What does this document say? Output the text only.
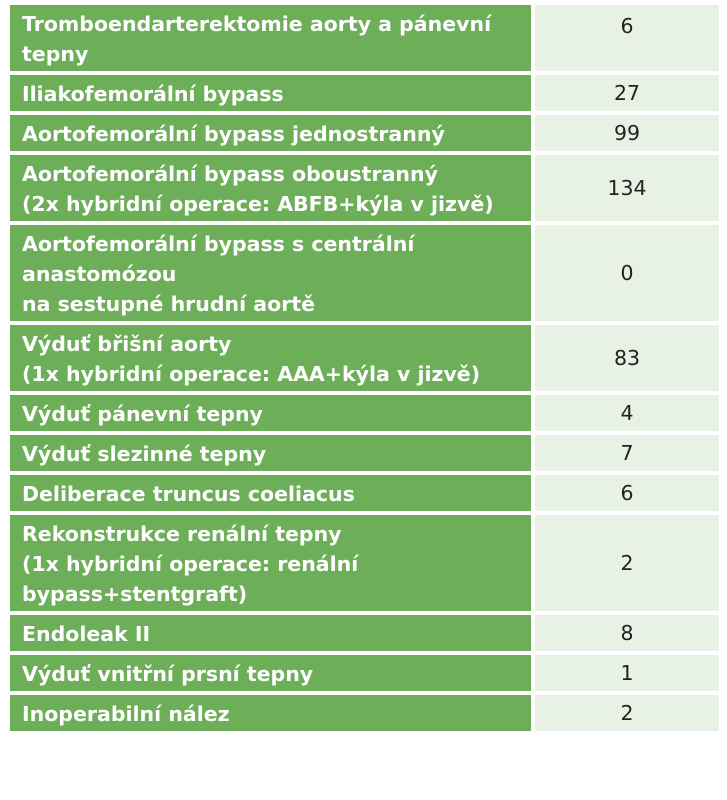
Tromboendarterektomie aorty a pánevní
tepny	6

Iliakofemorální bypass	27

Aortofemorální bypass jednostranný	99

Aortofemorální bypass oboustranný
(2x hybridní operace: ABFB+kýla v jizvě)	134

Aortofemorální bypass s centrální
anastomózou
na sestupné hrudní aortě	0

Výduť břišní aorty
(1x hybridní operace: AAA+kýla v jizvě)	83

Výduť pánevní tepny	4

Výduť slezinné tepny	7

Deliberace truncus coeliacus	6

Rekonstrukce renální tepny
(1x hybridní operace: renální
bypass+stentgraft)	2

Endoleak II	8

Výduť vnitřní prsní tepny	1

Inoperabilní nález	2
